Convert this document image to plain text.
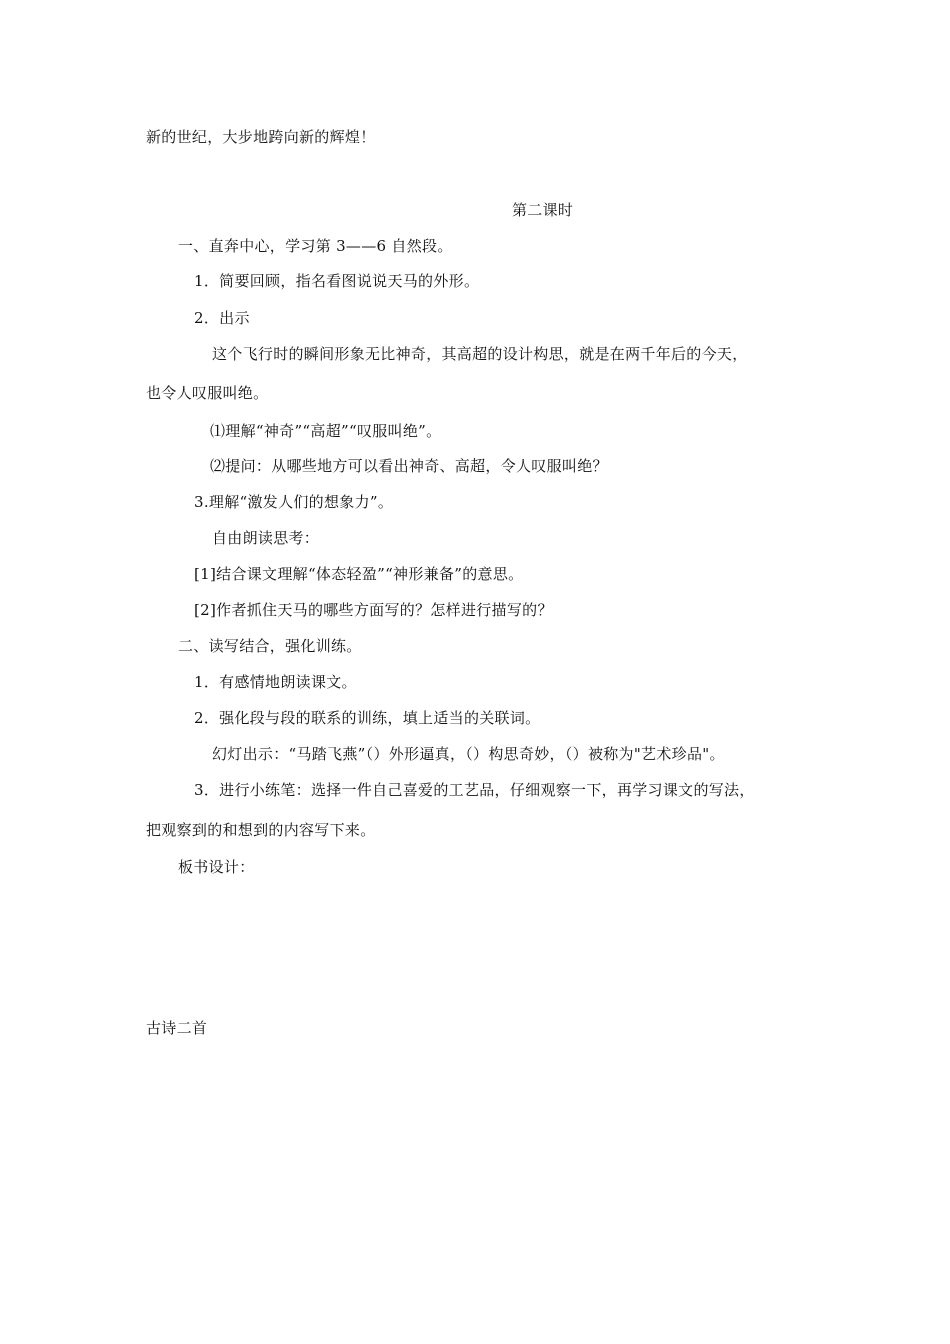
新的世纪，大步地跨向新的辉煌！
第二课时
一、直奔中心，学习第 3——6 自然段。
1．简要回顾，指名看图说说天马的外形。
2．出示
这个飞行时的瞬间形象无比神奇，其高超的设计构思，就是在两千年后的今天，
也令人叹服叫绝。
⑴理解“神奇”“高超”“叹服叫绝”。
⑵提问：从哪些地方可以看出神奇、高超，令人叹服叫绝？
3.理解“激发人们的想象力”。
自由朗读思考：
[1]结合课文理解“体态轻盈”“神形兼备”的意思。
[2]作者抓住天马的哪些方面写的？怎样进行描写的？
二、读写结合，强化训练。
1．有感情地朗读课文。
2．强化段与段的联系的训练，填上适当的关联词。
幻灯出示：“马踏飞燕”（）外形逼真，（）构思奇妙，（）被称为"艺术珍品"。
3．进行小练笔：选择一件自己喜爱的工艺品，仔细观察一下，再学习课文的写法，
把观察到的和想到的内容写下来。
板书设计：
古诗二首
